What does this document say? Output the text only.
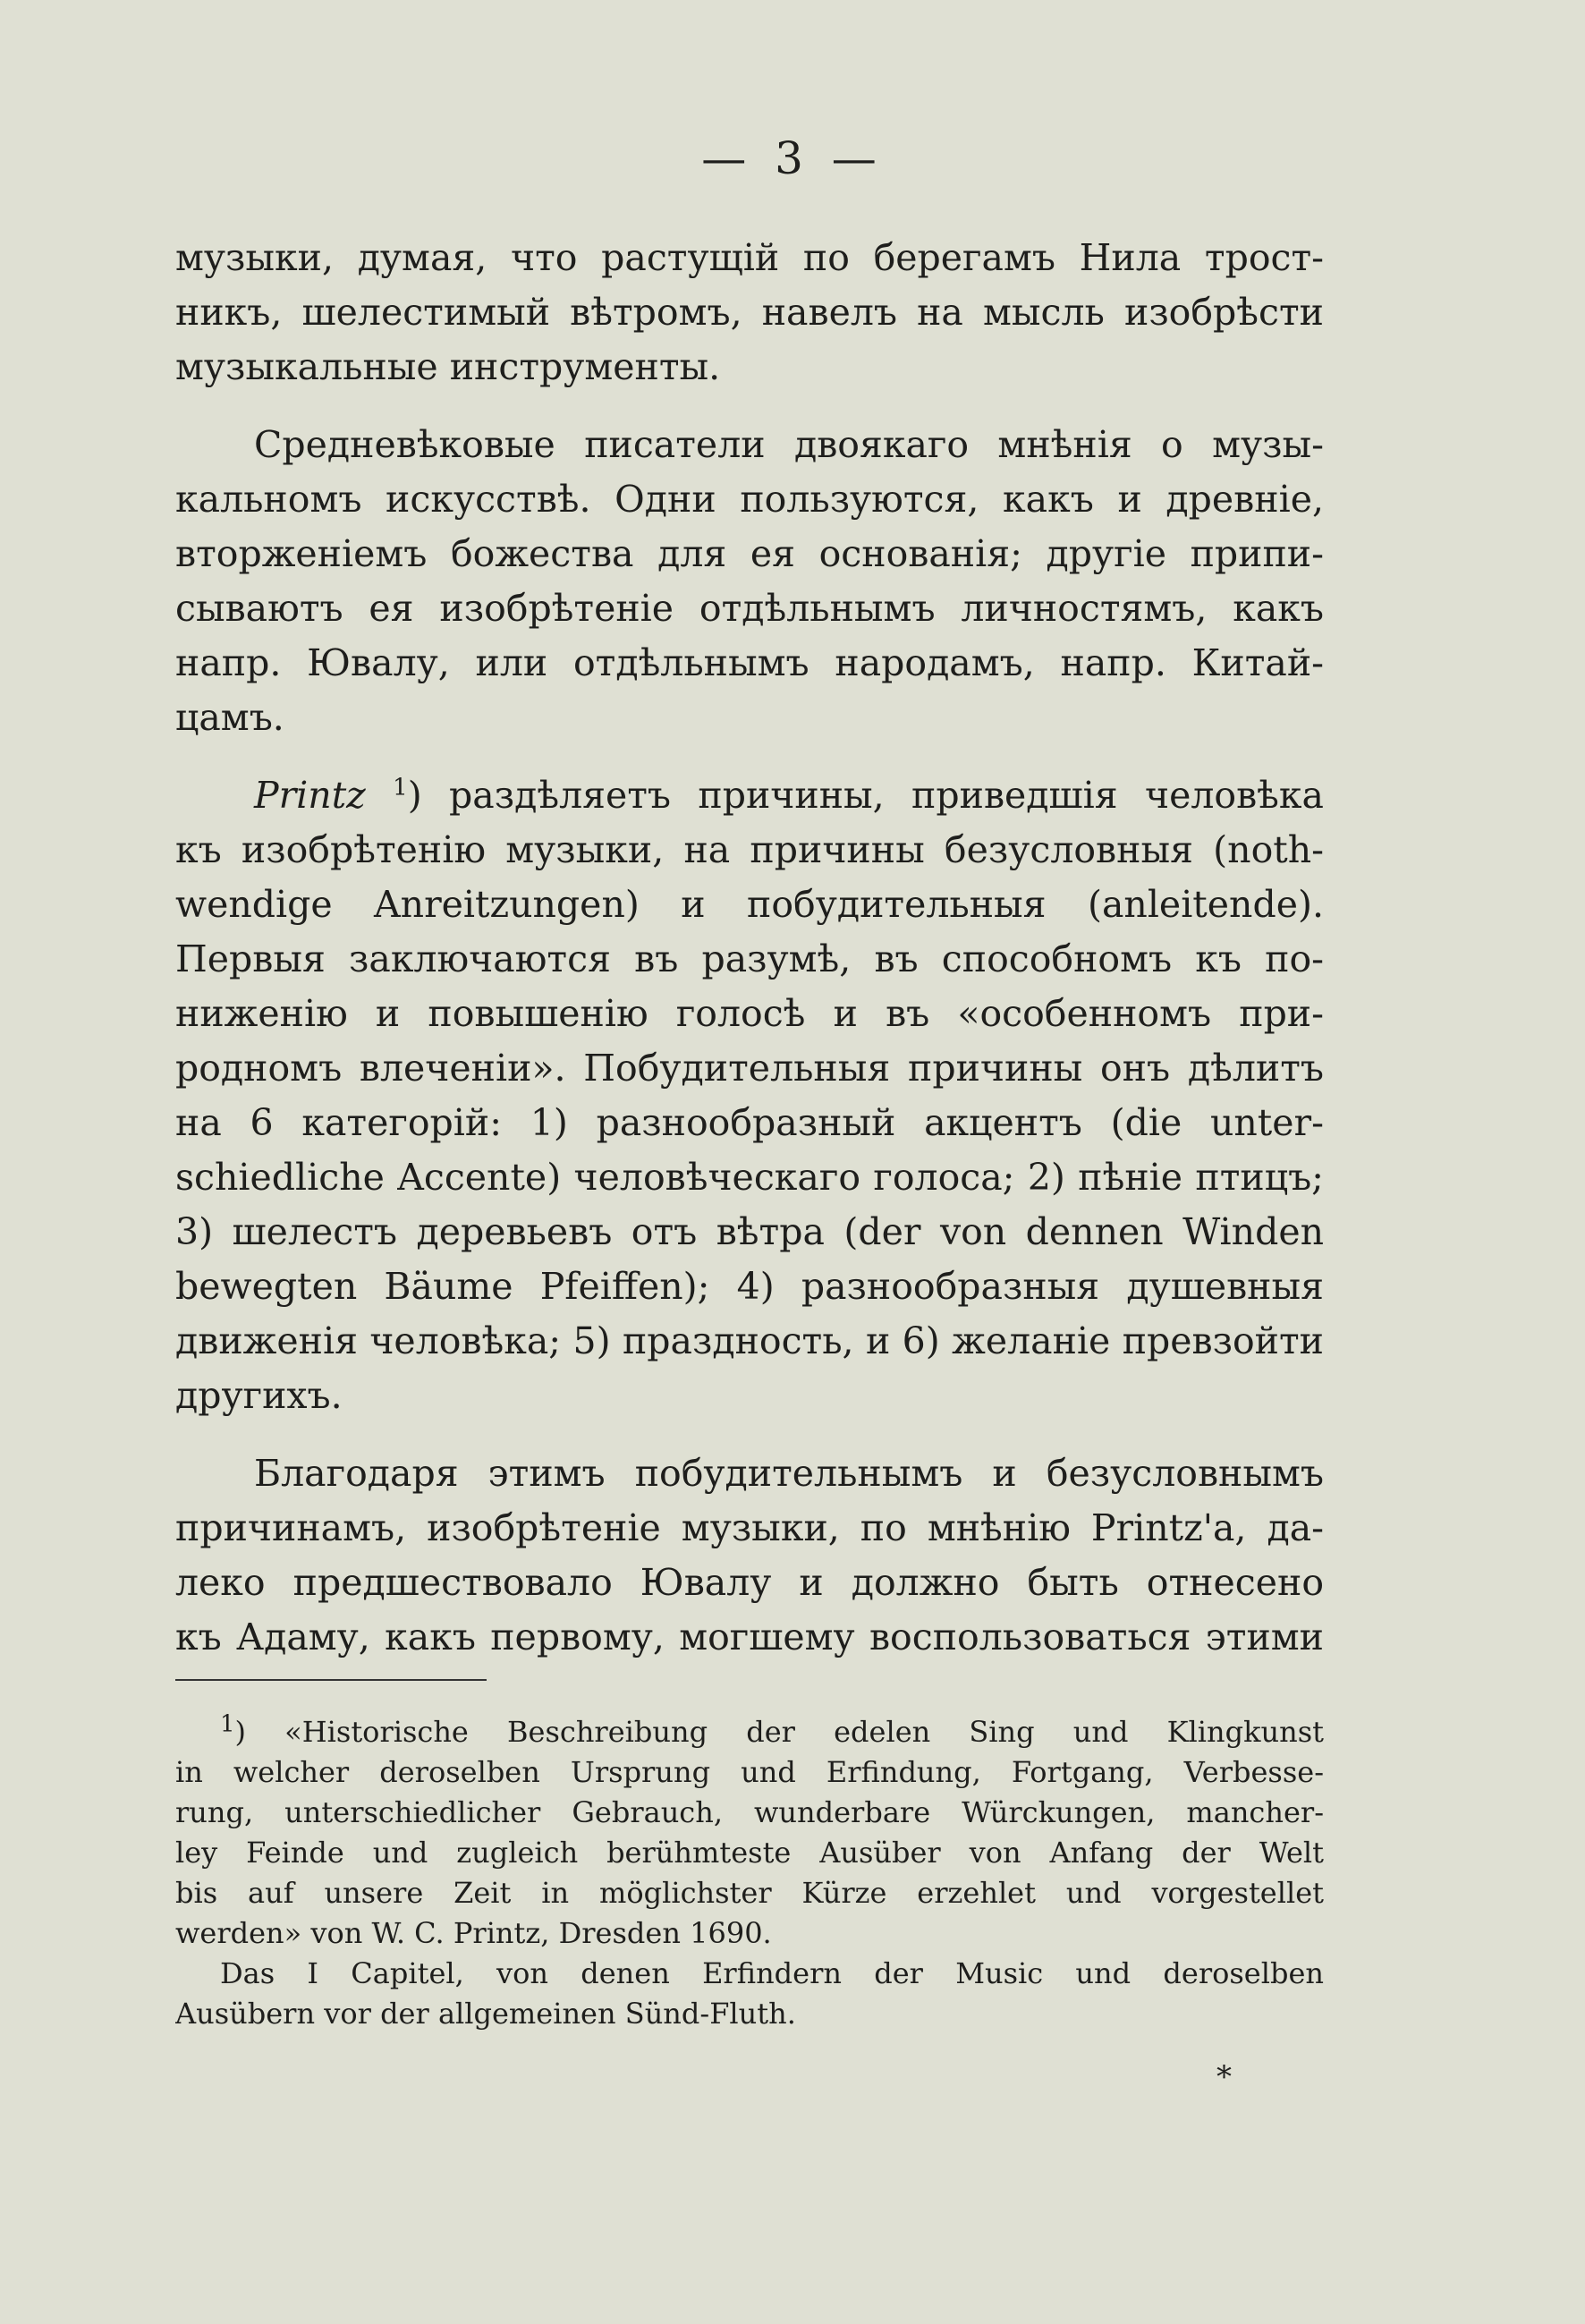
— 3 —
музыки, думая, что растущій по берегамъ Нила трост-
никъ, шелестимый вѣтромъ, навелъ на мысль изобрѣсти
музыкальные инструменты.
Средневѣковые писатели двоякаго мнѣнія о музы-
кальномъ искусствѣ. Одни пользуются, какъ и древніе,
вторженіемъ божества для ея основанія; другіе припи-
сываютъ ея изобрѣтеніе отдѣльнымъ личностямъ, какъ
напр. Ювалу, или отдѣльнымъ народамъ, напр. Китай-
цамъ.
Printz $^1$) раздѣляетъ причины, приведшія человѣка
къ изобрѣтенію музыки, на причины безусловныя (noth-
wendige Anreitzungen) и побудительныя (anleitende).
Первыя заключаются въ разумѣ, въ способномъ къ по-
ниженію и повышенію голосѣ и въ «особенномъ при-
родномъ влеченіи». Побудительныя причины онъ дѣлитъ
на 6 категорій: 1) разнообразный акцентъ (die unter-
schiedliche Accente) человѣческаго голоса; 2) пѣніе птицъ;
3) шелестъ деревьевъ отъ вѣтра (der von dennen Winden
bewegten Bäume Pfeiffen); 4) разнообразныя душевныя
движенія человѣка; 5) праздность, и 6) желаніе превзойти
другихъ.
Благодаря этимъ побудительнымъ и безусловнымъ
причинамъ, изобрѣтеніе музыки, по мнѣнію Printz'а, да-
леко предшествовало Ювалу и должно быть отнесено
къ Адаму, какъ первому, могшему воспользоваться этими
$^1$) «Historische Beschreibung der edelen Sing und Klingkunst
in welcher deroselben Ursprung und Erfindung, Fortgang, Verbesse-
rung, unterschiedlicher Gebrauch, wunderbare Würckungen, mancher-
ley Feinde und zugleich berühmteste Ausüber von Anfang der Welt
bis auf unsere Zeit in möglichster Kürze erzehlet und vorgestellet
werden» von W. C. Printz, Dresden 1690.
Das I Capitel, von denen Erfindern der Music und deroselben
Ausübern vor der allgemeinen Sünd-Fluth.
*
